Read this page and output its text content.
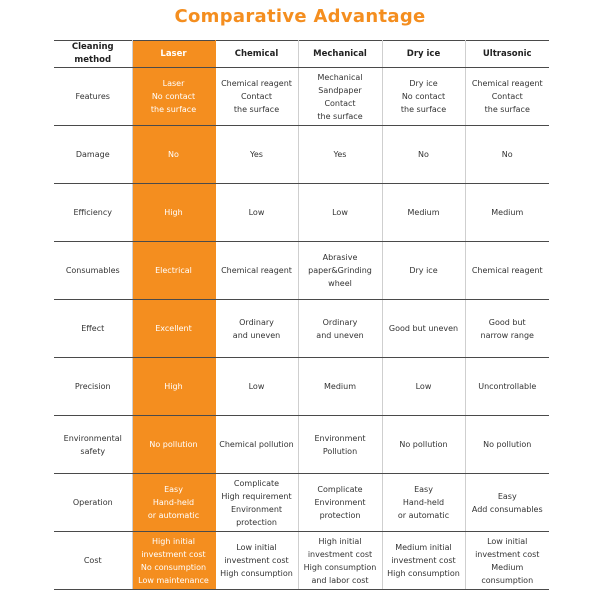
Comparative Advantage
Cleaning method	Laser	Chemical	Mechanical	Dry ice	Ultrasonic
Features	Laser
No contact
the surface	Chemical reagent
Contact
the surface	Mechanical
Sandpaper
Contact
the surface	Dry ice
No contact
the surface	Chemical reagent
Contact
the surface
Damage	No	Yes	Yes	No	No
Efficiency	High	Low	Low	Medium	Medium
Consumables	Electrical	Chemical reagent	Abrasive
paper&Grinding
wheel	Dry ice	Chemical reagent
Effect	Excellent	Ordinary
and uneven	Ordinary
and uneven	Good but uneven	Good but
narrow range
Precision	High	Low	Medium	Low	Uncontrollable
Environmental
safety	No pollution	Chemical pollution	Environment
Pollution	No pollution	No pollution
Operation	Easy
Hand-held
or automatic	Complicate
High requirement
Environment
protection	Complicate
Environment
protection	Easy
Hand-held
or automatic	Easy
Add consumables
Cost	High initial
investment cost
No consumption
Low maintenance	Low initial
investment cost
High consumption	High initial
investment cost
High consumption
and labor cost	Medium initial
investment cost
High consumption	Low initial
investment cost
Medium
consumption
